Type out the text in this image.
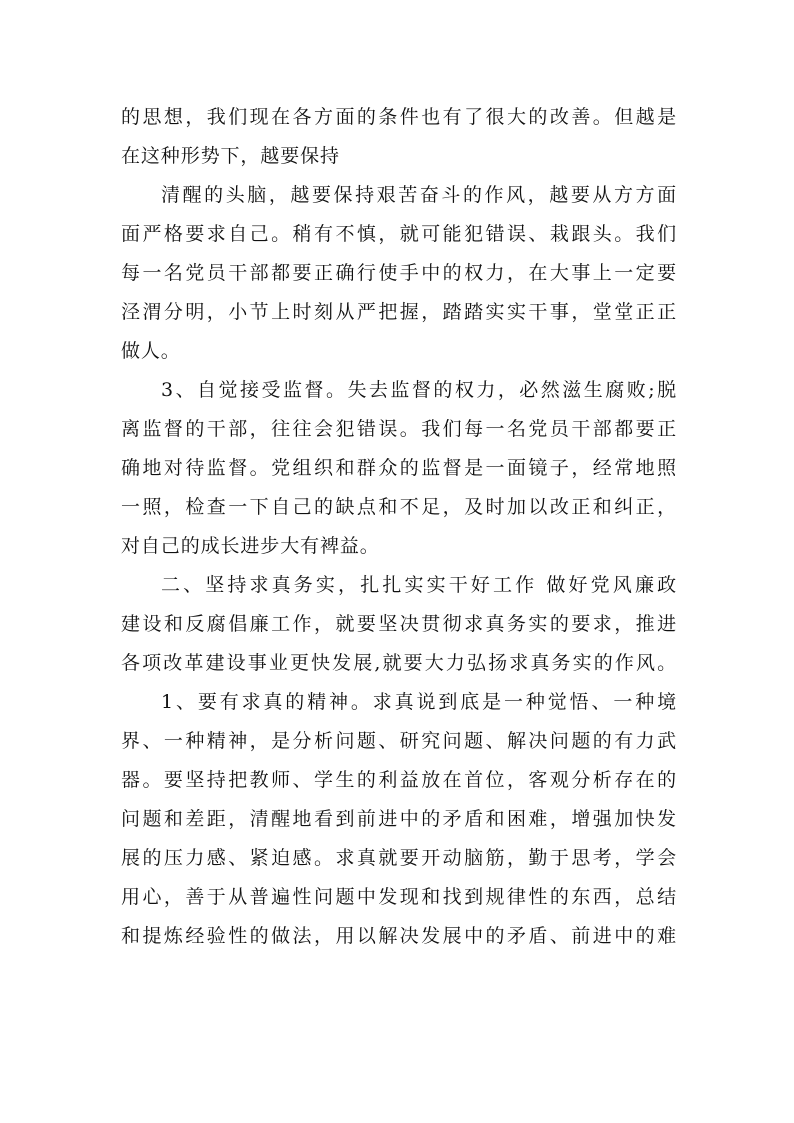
的思想，我们现在各方面的条件也有了很大的改善。但越是
在这种形势下，越要保持
清醒的头脑，越要保持艰苦奋斗的作风，越要从方方面
面严格要求自己。稍有不慎，就可能犯错误、栽跟头。我们
每一名党员干部都要正确行使手中的权力，在大事上一定要
泾渭分明，小节上时刻从严把握，踏踏实实干事，堂堂正正
做人。
3、自觉接受监督。失去监督的权力，必然滋生腐败;脱
离监督的干部，往往会犯错误。我们每一名党员干部都要正
确地对待监督。党组织和群众的监督是一面镜子，经常地照
一照，检查一下自己的缺点和不足，及时加以改正和纠正，
对自己的成长进步大有裨益。
二、坚持求真务实，扎扎实实干好工作 做好党风廉政
建设和反腐倡廉工作，就要坚决贯彻求真务实的要求，推进
各项改革建设事业更快发展,就要大力弘扬求真务实的作风。
1、要有求真的精神。求真说到底是一种觉悟、一种境
界、一种精神，是分析问题、研究问题、解决问题的有力武
器。要坚持把教师、学生的利益放在首位，客观分析存在的
问题和差距，清醒地看到前进中的矛盾和困难，增强加快发
展的压力感、紧迫感。求真就要开动脑筋，勤于思考，学会
用心，善于从普遍性问题中发现和找到规律性的东西，总结
和提炼经验性的做法，用以解决发展中的矛盾、前进中的难
